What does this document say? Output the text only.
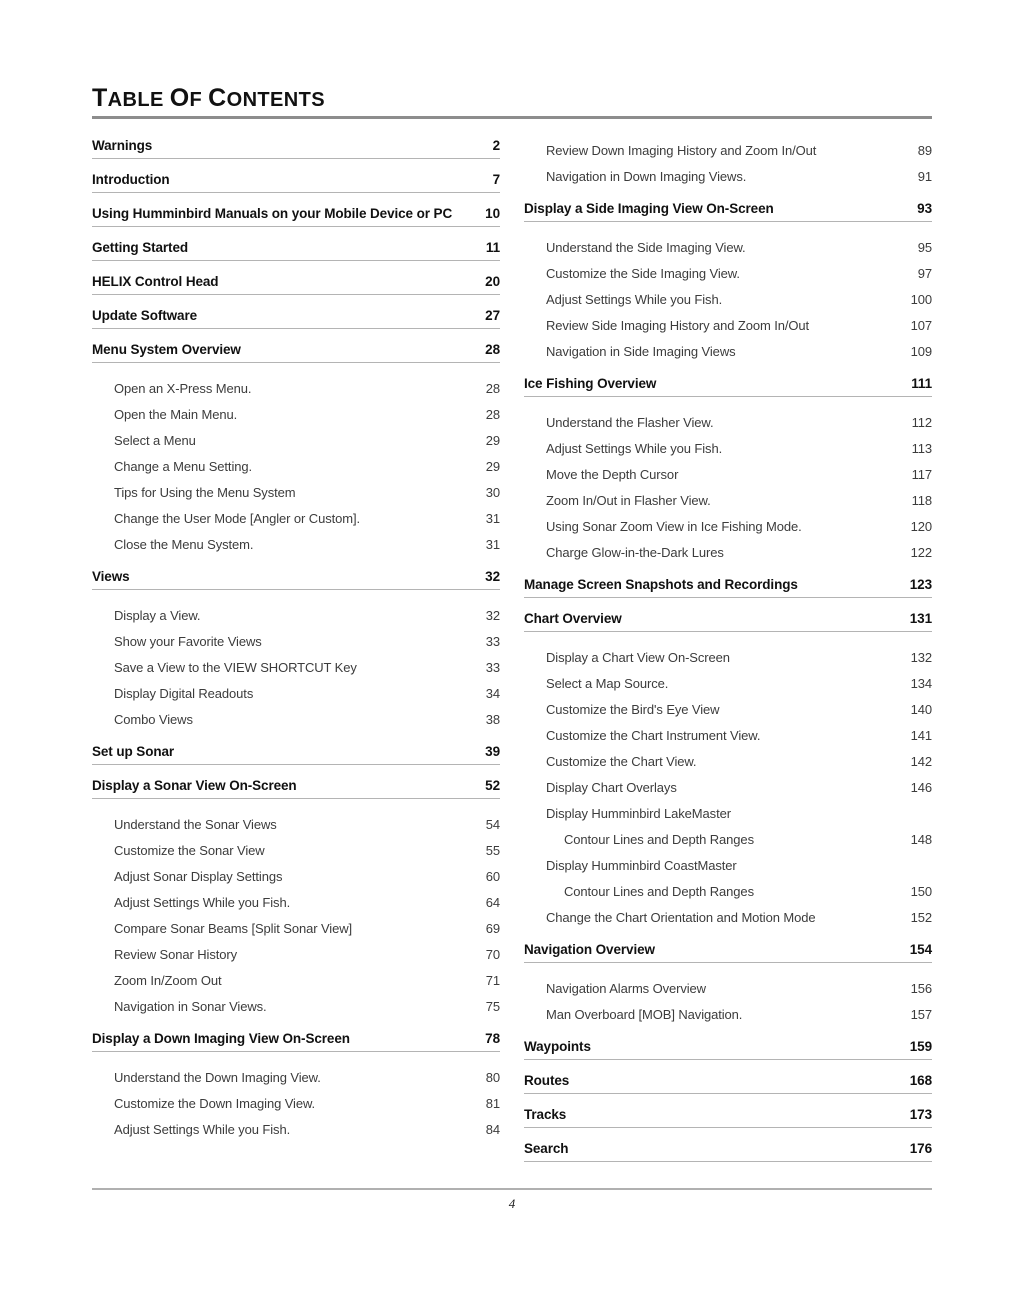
TABLE OF CONTENTS
Warnings	2
Introduction	7
Using Humminbird Manuals on your Mobile Device or PC 10
Getting Started	11
HELIX Control Head	20
Update Software	27
Menu System Overview	28
Open an X-Press Menu. . . .	28
Open the Main Menu. . . .	28
Select a Menu . . .	29
Change a Menu Setting. . . .	29
Tips for Using the Menu System . . .	30
Change the User Mode [Angler or Custom]. . . .	31
Close the Menu System. . . .	31
Views	32
Display a View. . . .	32
Show your Favorite Views . . .	33
Save a View to the VIEW SHORTCUT Key . . .	33
Display Digital Readouts . . .	34
Combo Views . . .	38
Set up Sonar	39
Display a Sonar View On-Screen	52
Understand the Sonar Views . . .	54
Customize the Sonar View . . .	55
Adjust Sonar Display Settings . . .	60
Adjust Settings While you Fish. . . .	64
Compare Sonar Beams [Split Sonar View] . . .	69
Review Sonar History . . .	70
Zoom In/Zoom Out . . .	71
Navigation in Sonar Views. . . .	75
Display a Down Imaging View On-Screen	78
Understand the Down Imaging View. . . .	80
Customize the Down Imaging View. . . .	81
Adjust Settings While you Fish. . . .	84
Review Down Imaging History and Zoom In/Out . . .	89
Navigation in Down Imaging Views. . . .	91
Display a Side Imaging View On-Screen	93
Understand the Side Imaging View. . . .	95
Customize the Side Imaging View. . . .	97
Adjust Settings While you Fish. . . .	100
Review Side Imaging History and Zoom In/Out . . .	107
Navigation in Side Imaging Views . . .	109
Ice Fishing Overview	111
Understand the Flasher View. . . .	112
Adjust Settings While you Fish. . . .	113
Move the Depth Cursor . . .	117
Zoom In/Out in Flasher View. . . .	118
Using Sonar Zoom View in Ice Fishing Mode. . . .	120
Charge Glow-in-the-Dark Lures . . .	122
Manage Screen Snapshots and Recordings	123
Chart Overview	131
Display a Chart View On-Screen . . .	132
Select a Map Source. . . .	134
Customize the Bird's Eye View . . .	140
Customize the Chart Instrument View. . . .	141
Customize the Chart View. . . .	142
Display Chart Overlays . . .	146
Display Humminbird LakeMaster
Contour Lines and Depth Ranges . . .	148
Display Humminbird CoastMaster
Contour Lines and Depth Ranges . . .	150
Change the Chart Orientation and Motion Mode . . .	152
Navigation Overview	154
Navigation Alarms Overview . . .	156
Man Overboard [MOB] Navigation. . . .	157
Waypoints	159
Routes	168
Tracks	173
Search	176
4
